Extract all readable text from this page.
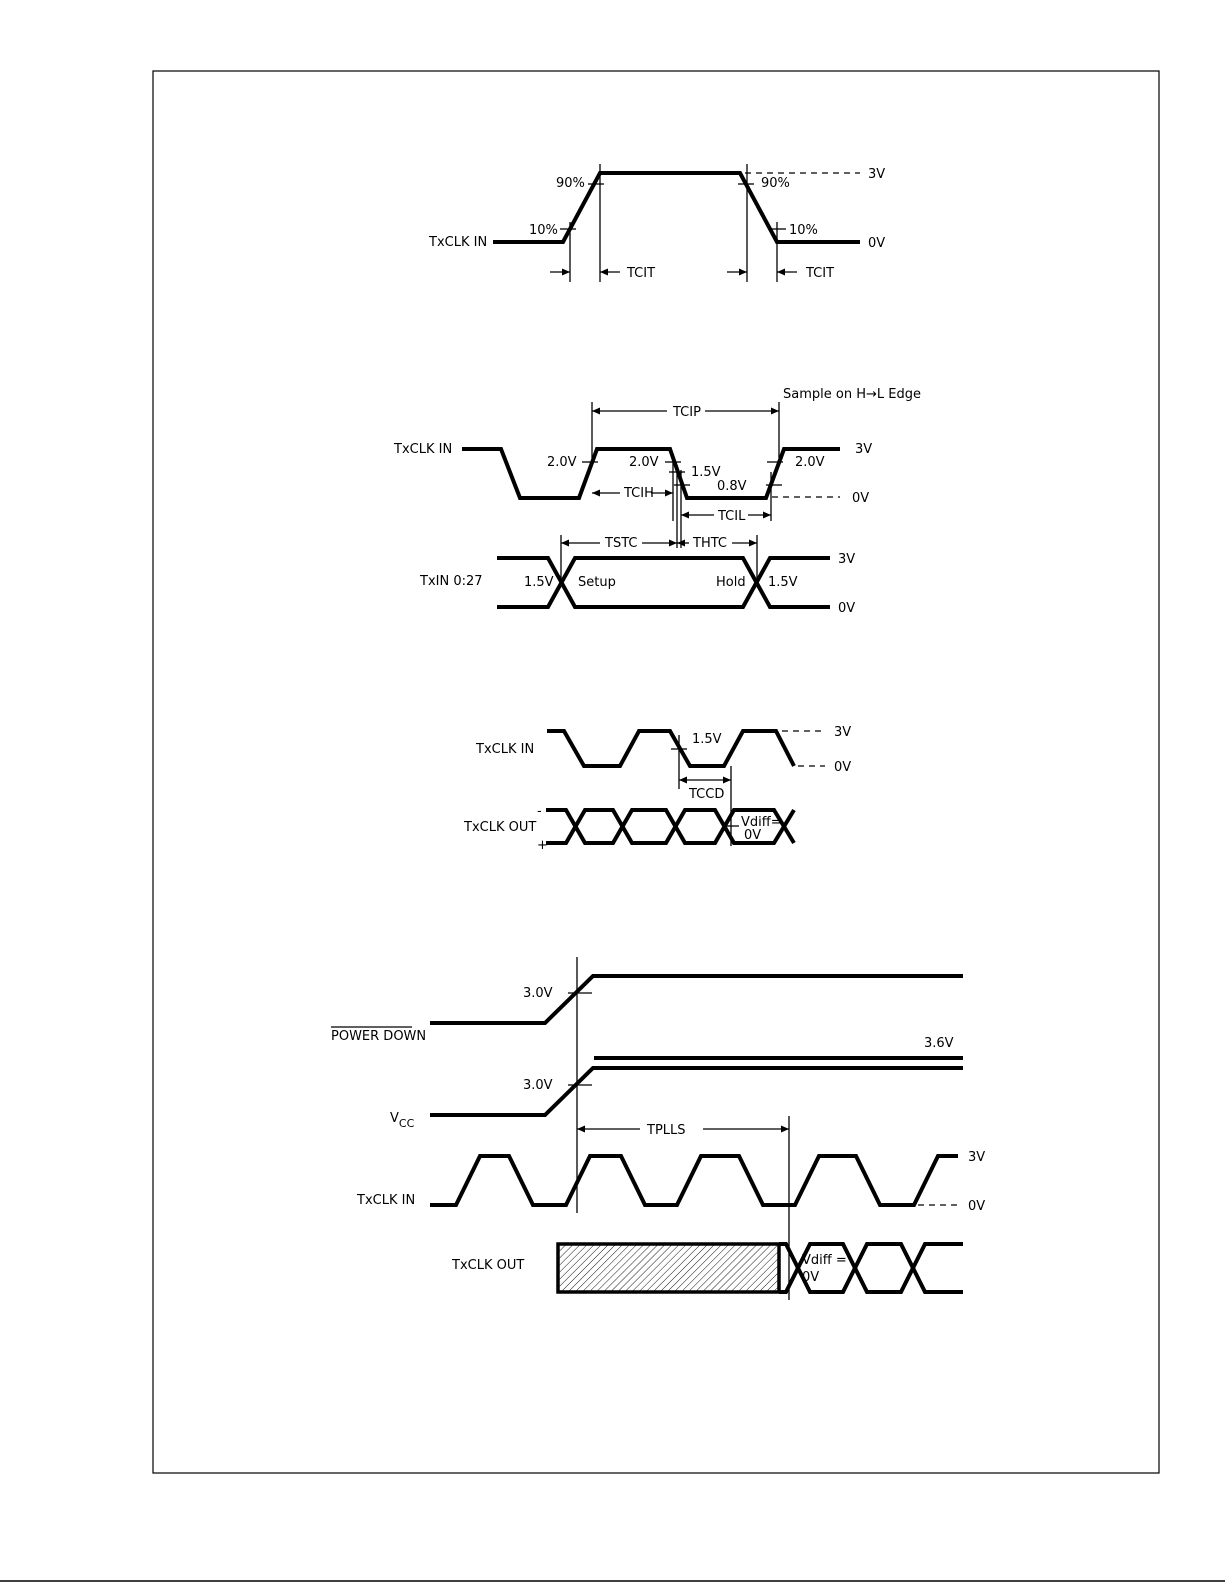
TxCLK IN
3V
0V
90%
10%
90%
10%
TCIT	TCIT
Sample on H→L Edge
TCIP
TxCLK IN	3V
0V
2.0V	2.0V
1.5V
0.8V
2.0V
TCIH
TCIL
TSTC	THTC
TxIN 0:27	1.5V Setup	Hold 1.5V
3V
0V
TxCLK IN
3V
0V
1.5V
TCCD
TxCLK OUT
-
+
Vdiff=
0V
POWER DOWN
3.0V
3.6V
3.0V
$V_{CC}$	TPLLS
TxCLK IN
3V
0V
TxCLK OUT	Vdiff =
0V
